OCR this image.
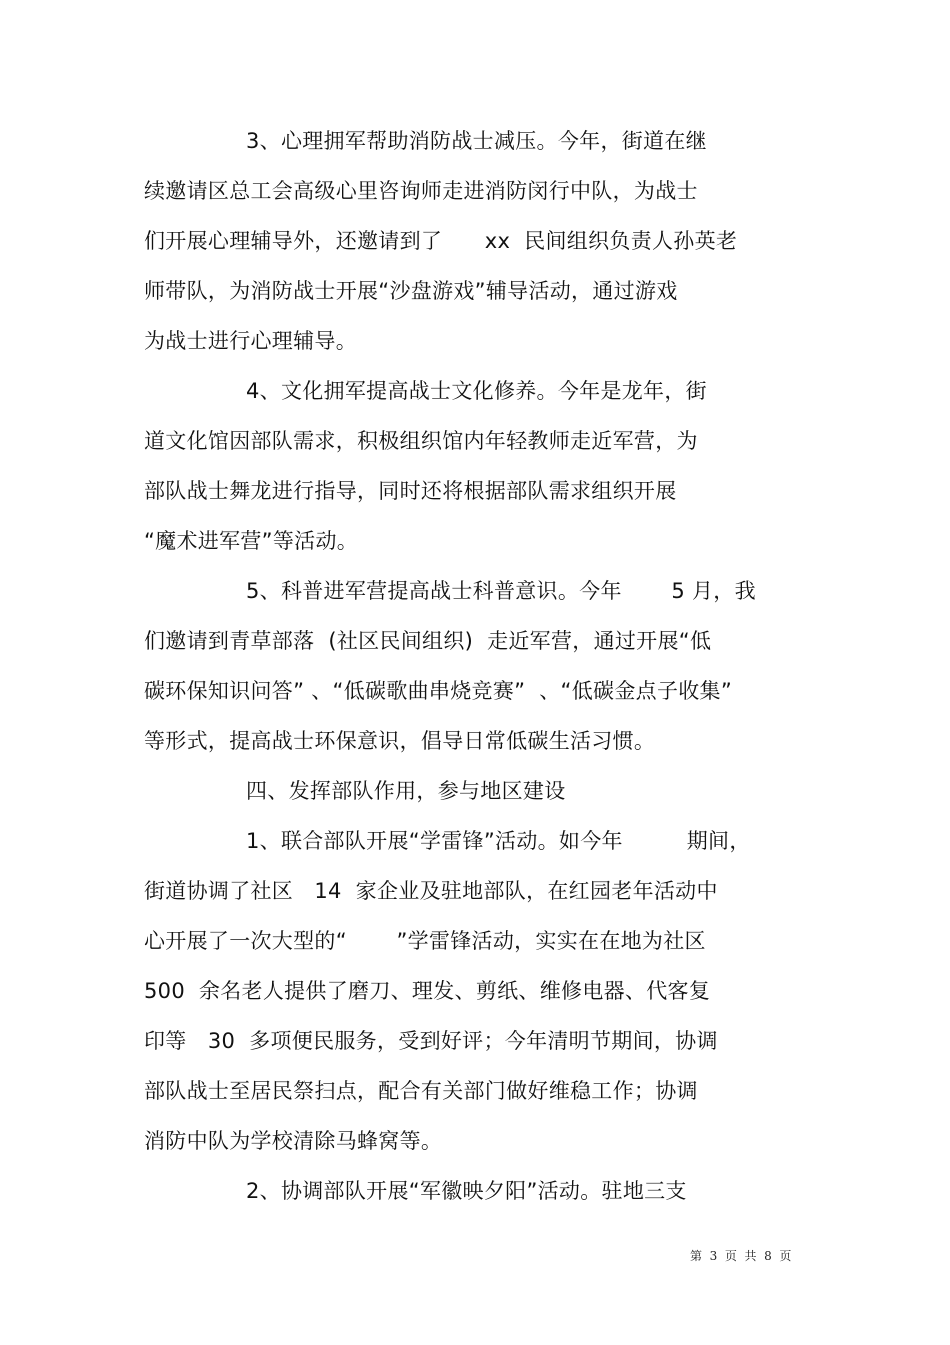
3、心理拥军帮助消防战士减压。今年，街道在继
续邀请区总工会高级心里咨询师走进消防闵行中队，为战士
们开展心理辅导外，还邀请到了　　xx  民间组织负责人孙英老
师带队，为消防战士开展“沙盘游戏”辅导活动，通过游戏
为战士进行心理辅导。
4、文化拥军提高战士文化修养。今年是龙年，街
道文化馆因部队需求，积极组织馆内年轻教师走近军营，为
部队战士舞龙进行指导，同时还将根据部队需求组织开展
“魔术进军营”等活动。
5、科普进军营提高战士科普意识。今年　　 5 月，我
们邀请到青草部落  (社区民间组织)  走近军营，通过开展“低
碳环保知识问答” 、“低碳歌曲串烧竞赛”  、“低碳金点子收集”
等形式，提高战士环保意识，倡导日常低碳生活习惯。
四、发挥部队作用，参与地区建设
1、联合部队开展“学雷锋”活动。如今年　　　期间，
街道协调了社区　14  家企业及驻地部队，在红园老年活动中
心开展了一次大型的“　　 ”学雷锋活动，实实在在地为社区
500  余名老人提供了磨刀、理发、剪纸、维修电器、代客复
印等　30  多项便民服务，受到好评；今年清明节期间，协调
部队战士至居民祭扫点，配合有关部门做好维稳工作；协调
消防中队为学校清除马蜂窝等。
2、协调部队开展“军徽映夕阳”活动。驻地三支
第  3  页  共  8  页
